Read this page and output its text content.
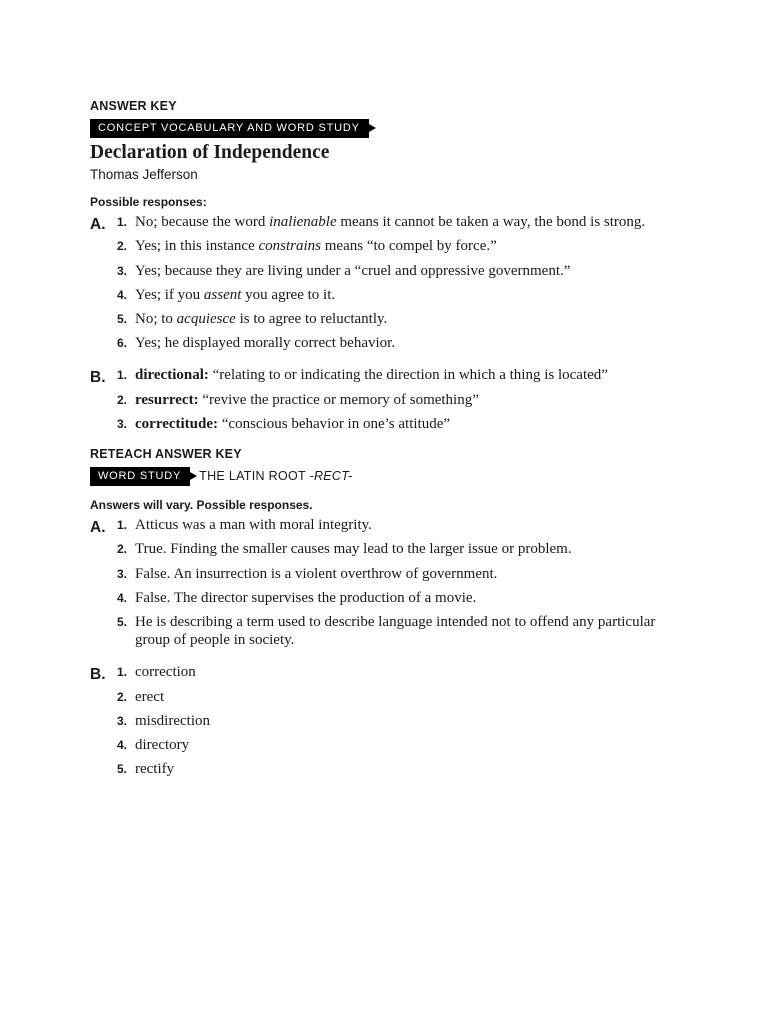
ANSWER KEY
CONCEPT VOCABULARY AND WORD STUDY
Declaration of Independence
Thomas Jefferson
Possible responses:
A. 1. No; because the word inalienable means it cannot be taken a way, the bond is strong.
2. Yes; in this instance constrains means “to compel by force.”
3. Yes; because they are living under a “cruel and oppressive government.”
4. Yes; if you assent you agree to it.
5. No; to acquiesce is to agree to reluctantly.
6. Yes; he displayed morally correct behavior.
B. 1. directional: “relating to or indicating the direction in which a thing is located”
2. resurrect: “revive the practice or memory of something”
3. correctitude: “conscious behavior in one’s attitude”
RETEACH ANSWER KEY
WORD STUDY	THE LATIN ROOT -RECT-
Answers will vary. Possible responses.
A. 1. Atticus was a man with moral integrity.
2. True. Finding the smaller causes may lead to the larger issue or problem.
3. False. An insurrection is a violent overthrow of government.
4. False. The director supervises the production of a movie.
5. He is describing a term used to describe language intended not to offend any particular group of people in society.
B. 1. correction
2. erect
3. misdirection
4. directory
5. rectify
